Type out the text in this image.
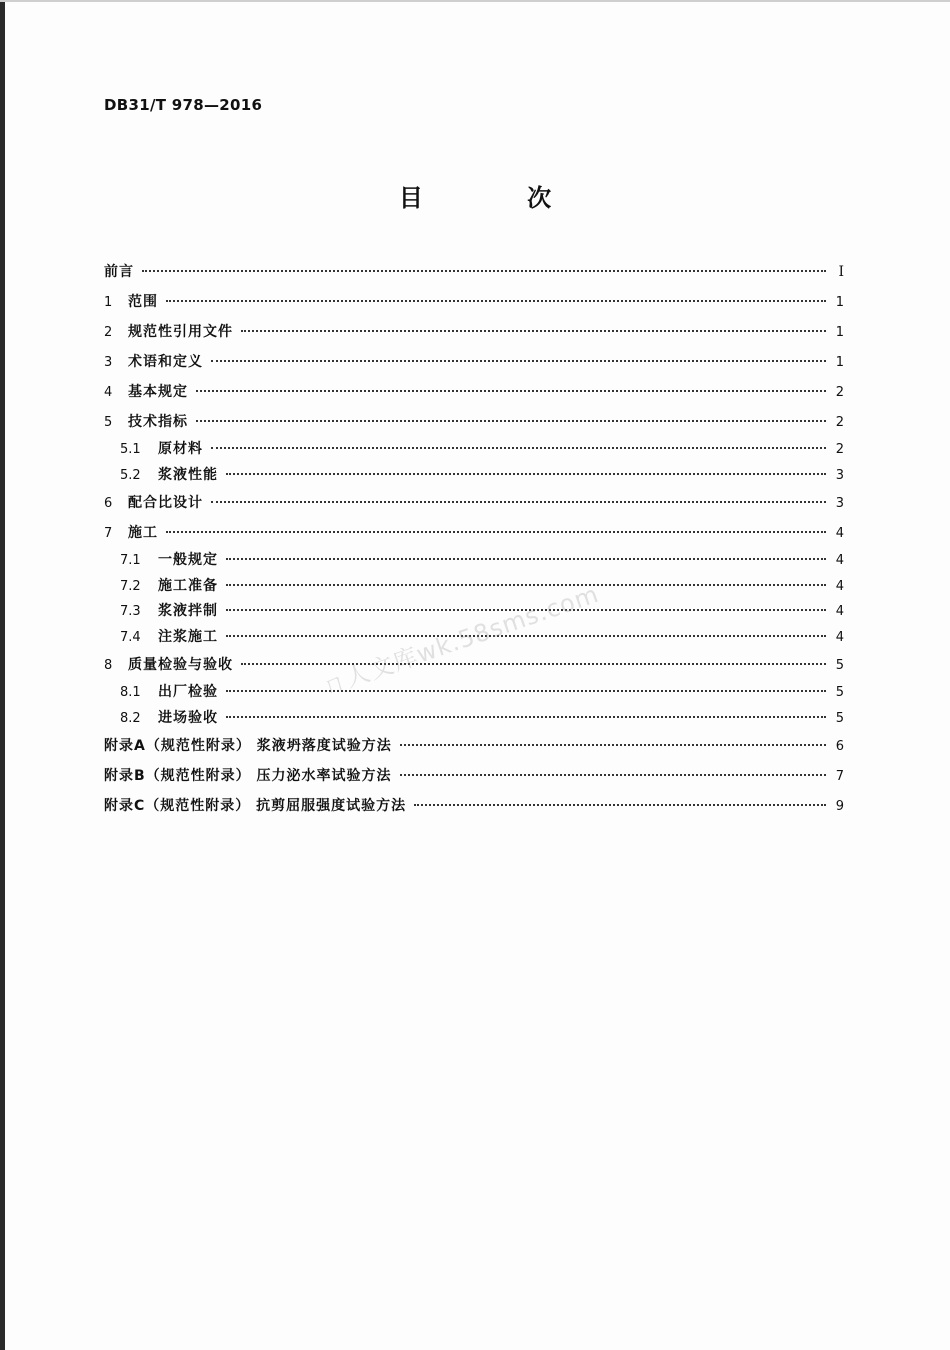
DB31/T 978—2016
目 次
前言	I
1	范围	1
2	规范性引用文件	1
3	术语和定义	1
4	基本规定	2
5	技术指标	2
5.1	原材料	2
5.2	浆液性能	3
6	配合比设计	3
7	施工	4
7.1	一般规定	4
7.2	施工准备	4
7.3	浆液拌制	4
7.4	注浆施工	4
8	质量检验与验收	5
8.1	出厂检验	5
8.2	进场验收	5
附录A（规范性附录） 浆液坍落度试验方法	6
附录B（规范性附录） 压力泌水率试验方法	7
附录C（规范性附录） 抗剪屈服强度试验方法	9
ㄇ人文库wk.58sms.com
